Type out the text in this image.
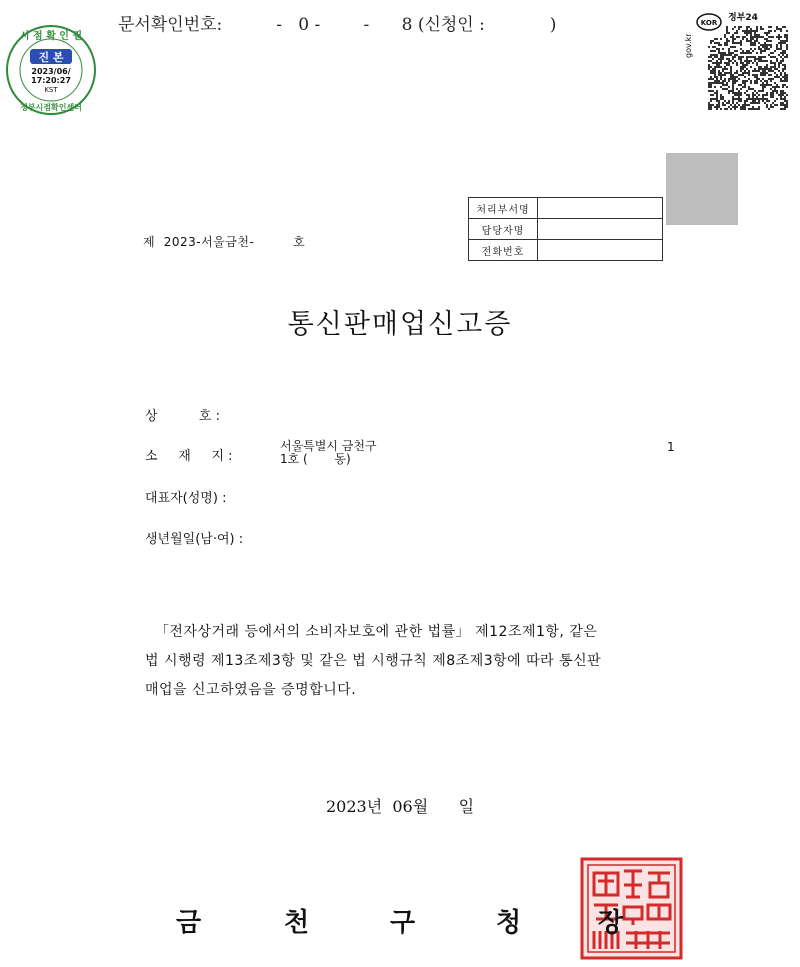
문서확인번호:          -   0 -        -      8 (신청인 :            )
시 점 확 인 필
진 본
2023/06/
17:20:27
KST
정부시점확인센터
KOR 정부24
gov.kr
처리부서명	
담당자명	
전화번호	
제  2023-서울금천-         호
통신판매업신고증
상          호 :
소     재     지 :
서울특별시 금천구
1호 (       동)
1
대표자(성명) :
생년월일(남·여) :
「전자상거래 등에서의 소비자보호에 관한 법률」 제12조제1항, 같은
법 시행령 제13조제3항 및 같은 법 시행규칙 제8조제3항에 따라 통신판
매업을 신고하였음을 증명합니다.
2023년  06월      일
금	천	구	청	장
